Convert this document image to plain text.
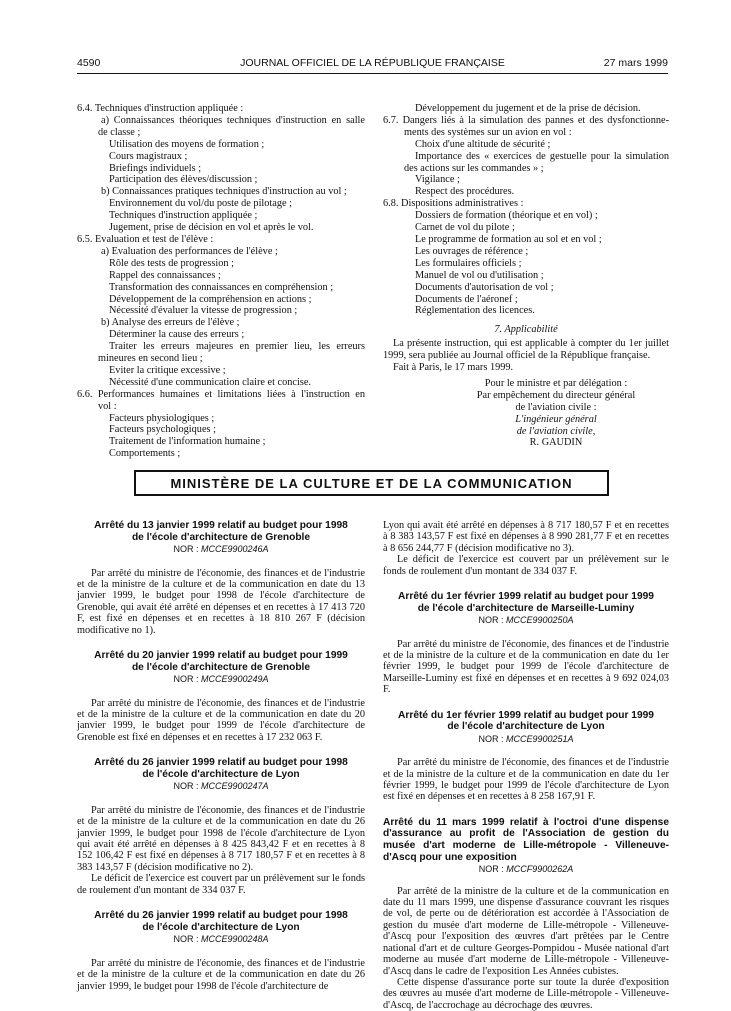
4590	JOURNAL OFFICIEL DE LA RÉPUBLIQUE FRANÇAISE	27 mars 1999
6.4. Techniques d'instruction appliquée :
a) Connaissances théoriques techniques d'instruction en salle
de classe ;
Utilisation des moyens de formation ;
Cours magistraux ;
Briefings individuels ;
Participation des élèves/discussion ;
b) Connaissances pratiques techniques d'instruction au vol ;
Environnement du vol/du poste de pilotage ;
Techniques d'instruction appliquée ;
Jugement, prise de décision en vol et après le vol.
6.5. Evaluation et test de l'élève :
a) Evaluation des performances de l'élève ;
Rôle des tests de progression ;
Rappel des connaissances ;
Transformation des connaissances en compréhension ;
Développement de la compréhension en actions ;
Nécessité d'évaluer la vitesse de progression ;
b) Analyse des erreurs de l'élève ;
Déterminer la cause des erreurs ;
Traiter les erreurs majeures en premier lieu, les erreurs
mineures en second lieu ;
Eviter la critique excessive ;
Nécessité d'une communication claire et concise.
6.6. Performances humaines et limitations liées à l'instruction en
vol :
Facteurs physiologiques ;
Facteurs psychologiques ;
Traitement de l'information humaine ;
Comportements ;
Développement du jugement et de la prise de décision.
6.7. Dangers liés à la simulation des pannes et des dysfonctionne-
ments des systèmes sur un avion en vol :
Choix d'une altitude de sécurité ;
Importance des « exercices de gestuelle pour la simulation
des actions sur les commandes » ;
Vigilance ;
Respect des procédures.
6.8. Dispositions administratives :
Dossiers de formation (théorique et en vol) ;
Carnet de vol du pilote ;
Le programme de formation au sol et en vol ;
Les ouvrages de référence ;
Les formulaires officiels ;
Manuel de vol ou d'utilisation ;
Documents d'autorisation de vol ;
Documents de l'aéronef ;
Réglementation des licences.
7. Applicabilité
La présente instruction, qui est applicable à compter du 1er juillet
1999, sera publiée au Journal officiel de la République française.
Fait à Paris, le 17 mars 1999.
Pour le ministre et par délégation :
Par empêchement du directeur général
de l'aviation civile :
L'ingénieur général
de l'aviation civile,
R. GAUDIN
MINISTÈRE DE LA CULTURE ET DE LA COMMUNICATION
Arrêté du 13 janvier 1999 relatif au budget pour 1998 de l'école d'architecture de Grenoble
NOR : MCCE9900246A
Par arrêté du ministre de l'économie, des finances et de l'industrie et de la ministre de la culture et de la communication en date du 13 janvier 1999, le budget pour 1998 de l'école d'architecture de Grenoble, qui avait été arrêté en dépenses et en recettes à 17 413 720 F, est fixé en dépenses et en recettes à 18 810 267 F (décision modificative no 1).
Arrêté du 20 janvier 1999 relatif au budget pour 1999 de l'école d'architecture de Grenoble
NOR : MCCE9900249A
Par arrêté du ministre de l'économie, des finances et de l'industrie et de la ministre de la culture et de la communication en date du 20 janvier 1999, le budget pour 1999 de l'école d'architecture de Grenoble est fixé en dépenses et en recettes à 17 232 063 F.
Arrêté du 26 janvier 1999 relatif au budget pour 1998 de l'école d'architecture de Lyon
NOR : MCCE9900247A
Par arrêté du ministre de l'économie, des finances et de l'industrie et de la ministre de la culture et de la communication en date du 26 janvier 1999, le budget pour 1998 de l'école d'architecture de Lyon qui avait été arrêté en dépenses à 8 425 843,42 F et en recettes à 8 152 106,42 F est fixé en dépenses à 8 717 180,57 F et en recettes à 8 383 143,57 F (décision modificative no 2).
Le déficit de l'exercice est couvert par un prélèvement sur le fonds de roulement d'un montant de 334 037 F.
Arrêté du 26 janvier 1999 relatif au budget pour 1998 de l'école d'architecture de Lyon
NOR : MCCE9900248A
Par arrêté du ministre de l'économie, des finances et de l'industrie et de la ministre de la culture et de la communication en date du 26 janvier 1999, le budget pour 1998 de l'école d'architecture de
Lyon qui avait été arrêté en dépenses à 8 717 180,57 F et en recettes à 8 383 143,57 F est fixé en dépenses à 8 990 281,77 F et en recettes à 8 656 244,77 F (décision modificative no 3).
Le déficit de l'exercice est couvert par un prélèvement sur le fonds de roulement d'un montant de 334 037 F.
Arrêté du 1er février 1999 relatif au budget pour 1999 de l'école d'architecture de Marseille-Luminy
NOR : MCCE9900250A
Par arrêté du ministre de l'économie, des finances et de l'industrie et de la ministre de la culture et de la communication en date du 1er février 1999, le budget pour 1999 de l'école d'architecture de Marseille-Luminy est fixé en dépenses et en recettes à 9 692 024,03 F.
Arrêté du 1er février 1999 relatif au budget pour 1999 de l'école d'architecture de Lyon
NOR : MCCE9900251A
Par arrêté du ministre de l'économie, des finances et de l'industrie et de la ministre de la culture et de la communication en date du 1er février 1999, le budget pour 1999 de l'école d'architecture de Lyon est fixé en dépenses et en recettes à 8 258 167,91 F.
Arrêté du 11 mars 1999 relatif à l'octroi d'une dispense d'assurance au profit de l'Association de gestion du musée d'art moderne de Lille-métropole - Villeneuve-d'Ascq pour une exposition
NOR : MCCF9900262A
Par arrêté de la ministre de la culture et de la communication en date du 11 mars 1999, une dispense d'assurance couvrant les risques de vol, de perte ou de détérioration est accordée à l'Association de gestion du musée d'art moderne de Lille-métropole - Villeneuve-d'Ascq pour l'exposition des œuvres d'art prêtées par le Centre national d'art et de culture Georges-Pompidou - Musée national d'art moderne au musée d'art moderne de Lille-métropole - Villeneuve-d'Ascq dans le cadre de l'exposition Les Années cubistes.
Cette dispense d'assurance porte sur toute la durée d'exposition des œuvres au musée d'art moderne de Lille-métropole - Villeneuve-d'Ascq, de l'accrochage au décrochage des œuvres.
